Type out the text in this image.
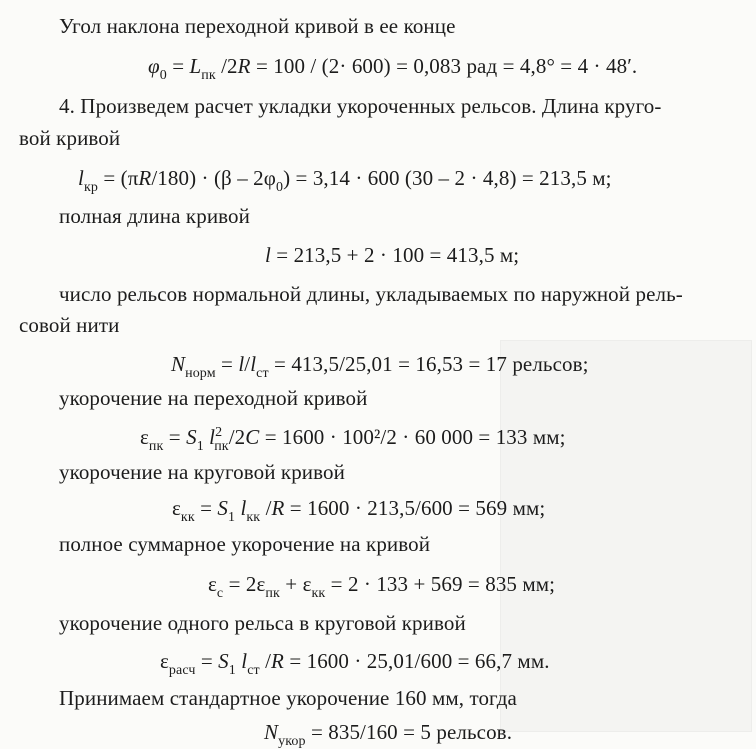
Угол наклона переходной кривой в ее конце
$\varphi_0 = L_{пк}$ /2R = 100 / (2· 600) = 0,083 рад = 4,8° = 4 · 48′.
4. Произведем расчет укладки укороченных рельсов. Длина круго-
вой кривой
$l_{кр} = (\pi R/180) \cdot (\beta - 2\varphi_0) = 3,14 \cdot 600$ (30 – 2 · 4,8) = 213,5 м;
полная длина кривой
l = 213,5 + 2 · 100 = 413,5 м;
число рельсов нормальной длины, укладываемых по наружной рель-
совой нити
$N_{норм} = l/l_{ст} = 413,5/25,01 = 16,53 = 17$ рельсов;
укорочение на переходной кривой
$\varepsilon_{пк} = S_1$ $l^2_{пк}/2C = 1600 \cdot 100^2/2 \cdot 60$ 000 = 133 мм;
укорочение на круговой кривой
$\varepsilon_{кк} = S_1$ $l_{кк}$ /R = 1600 · 213,5/600 = 569 мм;
полное суммарное укорочение на кривой
$\varepsilon_с = 2\varepsilon_{пк} + \varepsilon_{кк} = 2 \cdot 133 + 569 = 835$ мм;
укорочение одного рельса в круговой кривой
$\varepsilon_{расч} = S_1$ $l_{ст}$ /R = 1600 · 25,01/600 = 66,7 мм.
Принимаем стандартное укорочение 160 мм, тогда
$N_{укор} = 835/160 = 5$ рельсов.
